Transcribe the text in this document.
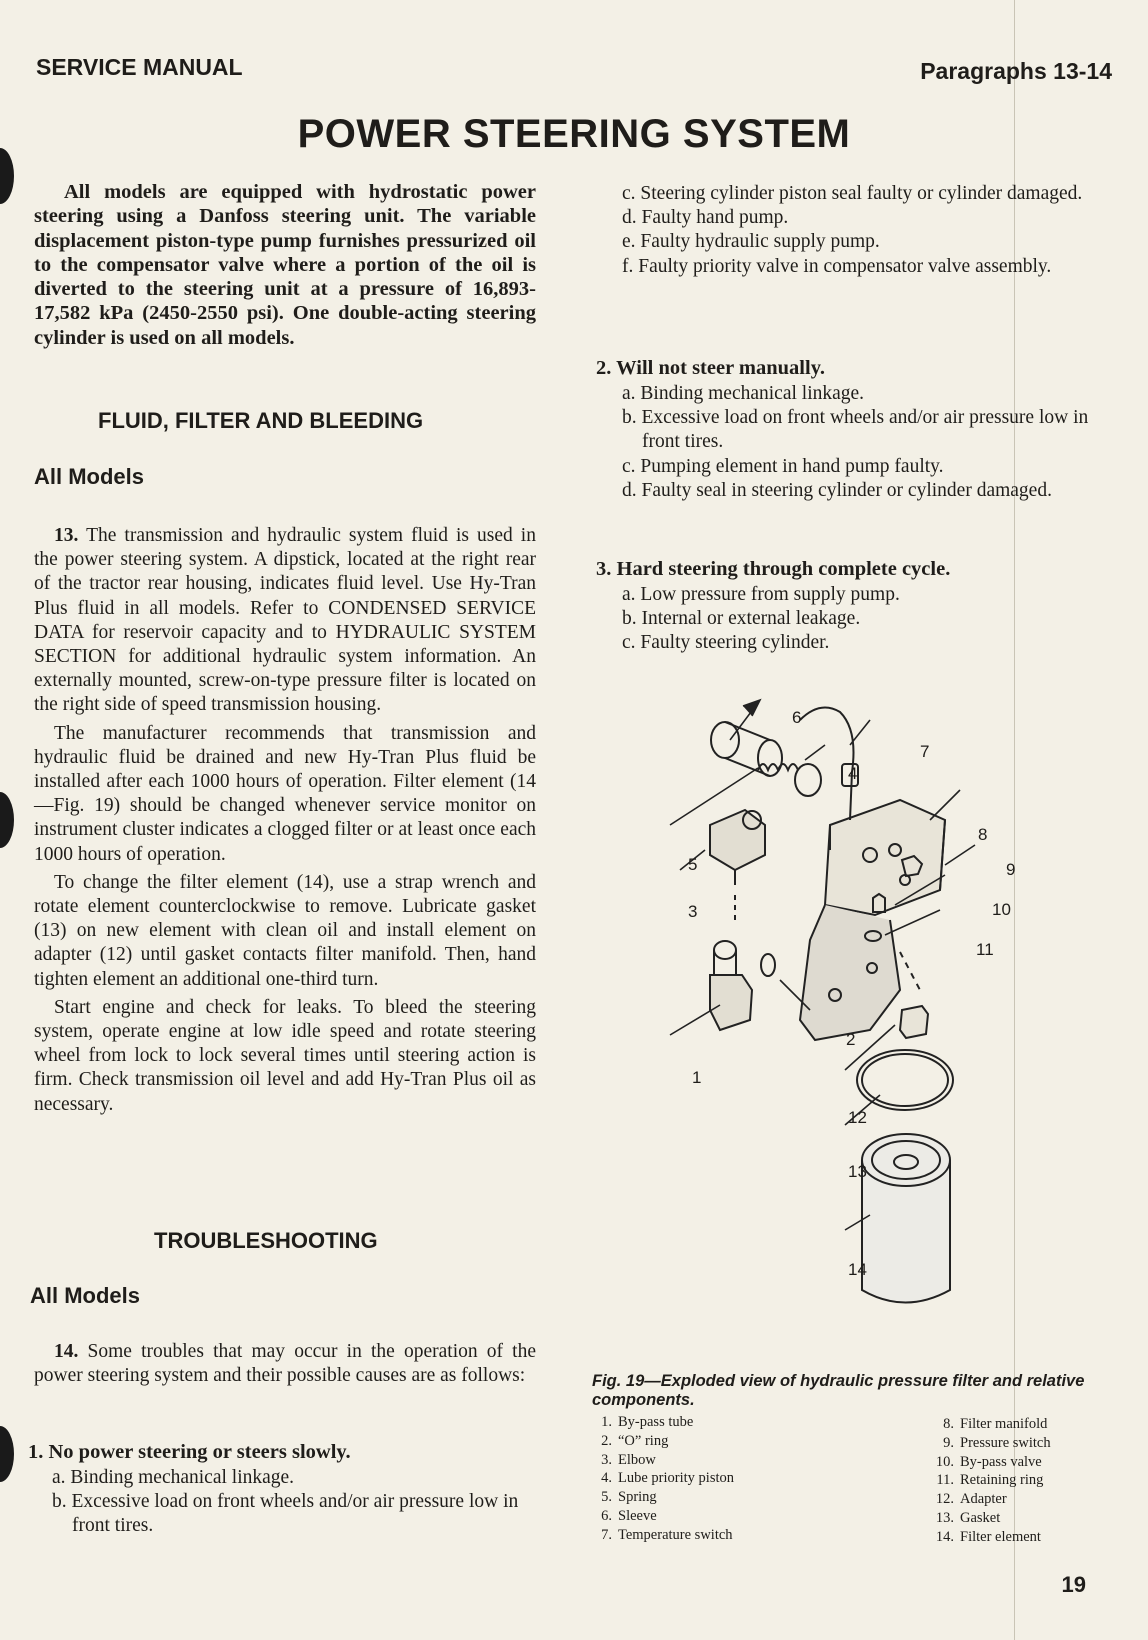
SERVICE MANUAL	Paragraphs 13-14
POWER STEERING SYSTEM
All models are equipped with hydrostatic power steering using a Danfoss steering unit. The variable displacement piston-type pump furnishes pressurized oil to the compensator valve where a portion of the oil is diverted to the steering unit at a pressure of 16,893-17,582 kPa (2450-2550 psi). One double-acting steering cylinder is used on all models.
FLUID, FILTER AND BLEEDING
All Models

13. The transmission and hydraulic system fluid is used in the power steering system. A dipstick, located at the right rear of the tractor rear housing, indicates fluid level. Use Hy-Tran Plus fluid in all models. Refer to CONDENSED SERVICE DATA for reservoir capacity and to HYDRAULIC SYSTEM SECTION for additional hydraulic system information. An externally mounted, screw-on-type pressure filter is located on the right side of speed transmission housing.

The manufacturer recommends that transmission and hydraulic fluid be drained and new Hy-Tran Plus fluid be installed after each 1000 hours of operation. Filter element (14—Fig. 19) should be changed whenever service monitor on instrument cluster indicates a clogged filter or at least once each 1000 hours of operation.

To change the filter element (14), use a strap wrench and rotate element counterclockwise to remove. Lubricate gasket (13) on new element with clean oil and install element on adapter (12) until gasket contacts filter manifold. Then, hand tighten element an additional one-third turn.

Start engine and check for leaks. To bleed the steering system, operate engine at low idle speed and rotate steering wheel from lock to lock several times until steering action is firm. Check transmission oil level and add Hy-Tran Plus oil as necessary.

TROUBLESHOOTING
All Models

14. Some troubles that may occur in the operation of the power steering system and their possible causes are as follows:

1. No power steering or steers slowly.
a. Binding mechanical linkage.
b. Excessive load on front wheels and/or air pressure low in front tires.
c. Steering cylinder piston seal faulty or cylinder damaged.
d. Faulty hand pump.
e. Faulty hydraulic supply pump.
f. Faulty priority valve in compensator valve assembly.
2. Will not steer manually.
a. Binding mechanical linkage.
b. Excessive load on front wheels and/or air pressure low in front tires.
c. Pumping element in hand pump faulty.
d. Faulty seal in steering cylinder or cylinder damaged.
3. Hard steering through complete cycle.
a. Low pressure from supply pump.
b. Internal or external leakage.
c. Faulty steering cylinder.
6
4
7
5
3
8
9
10
11
2
1
12
13
14
Fig. 19—Exploded view of hydraulic pressure filter and relative components.
1. By-pass tube
2. “O” ring
3. Elbow
4. Lube priority piston
5. Spring
6. Sleeve
7. Temperature switch
8. Filter manifold
9. Pressure switch
10. By-pass valve
11. Retaining ring
12. Adapter
13. Gasket
14. Filter element
19
